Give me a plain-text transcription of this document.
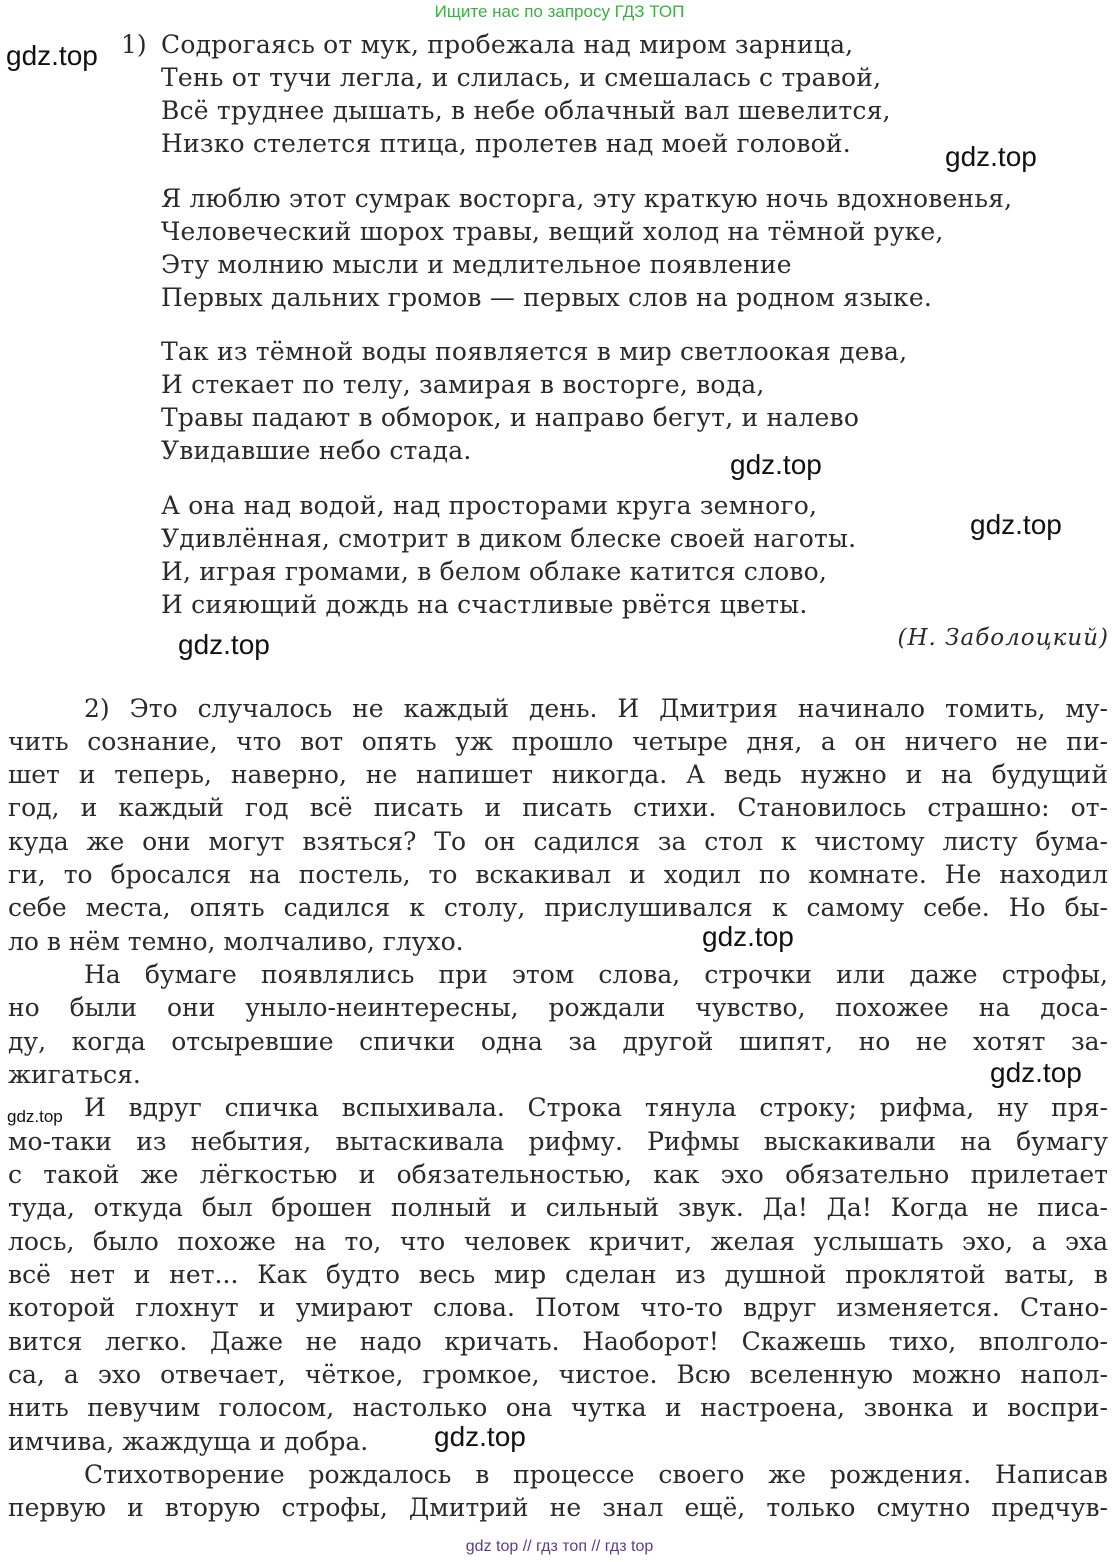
Ищите нас по запросу ГДЗ ТОП
gdz.top
gdz.top
gdz.top
gdz.top
gdz.top
gdz.top
gdz.top
gdz.top
gdz.top
1) Содрогаясь от мук, пробежала над миром зарница,
Тень от тучи легла, и слилась, и смешалась с травой,
Всё труднее дышать, в небе облачный вал шевелится,
Низко стелется птица, пролетев над моей головой.
Я люблю этот сумрак восторга, эту краткую ночь вдохновенья,
Человеческий шорох травы, вещий холод на тёмной руке,
Эту молнию мысли и медлительное появление
Первых дальних громов — первых слов на родном языке.
Так из тёмной воды появляется в мир светлоокая дева,
И стекает по телу, замирая в восторге, вода,
Травы падают в обморок, и направо бегут, и налево
Увидавшие небо стада.
А она над водой, над просторами круга земного,
Удивлённая, смотрит в диком блеске своей наготы.
И, играя громами, в белом облаке катится слово,
И сияющий дождь на счастливые рвётся цветы.
(Н. Заболоцкий)
2) Это случалось не каждый день. И Дмитрия начинало томить, му-
чить сознание, что вот опять уж прошло четыре дня, а он ничего не пи-
шет и теперь, наверно, не напишет никогда. А ведь нужно и на будущий
год, и каждый год всё писать и писать стихи. Становилось страшно: от-
куда же они могут взяться? То он садился за стол к чистому листу бума-
ги, то бросался на постель, то вскакивал и ходил по комнате. Не находил
себе места, опять садился к столу, прислушивался к самому себе. Но бы-
ло в нём темно, молчаливо, глухо.
На бумаге появлялись при этом слова, строчки или даже строфы,
но были они уныло-неинтересны, рождали чувство, похожее на доса-
ду, когда отсыревшие спички одна за другой шипят, но не хотят за-
жигаться.
И вдруг спичка вспыхивала. Строка тянула строку; рифма, ну пря-
мо-таки из небытия, вытаскивала рифму. Рифмы выскакивали на бумагу
с такой же лёгкостью и обязательностью, как эхо обязательно прилетает
туда, откуда был брошен полный и сильный звук. Да! Да! Когда не писа-
лось, было похоже на то, что человек кричит, желая услышать эхо, а эха
всё нет и нет... Как будто весь мир сделан из душной проклятой ваты, в
которой глохнут и умирают слова. Потом что-то вдруг изменяется. Стано-
вится легко. Даже не надо кричать. Наоборот! Скажешь тихо, вполголо-
са, а эхо отвечает, чёткое, громкое, чистое. Всю вселенную можно напол-
нить певучим голосом, настолько она чутка и настроена, звонка и воспри-
имчива, жаждуща и добра.
Стихотворение рождалось в процессе своего же рождения. Написав
первую и вторую строфы, Дмитрий не знал ещё, только смутно предчув-
gdz top // гдз топ // гдз top
